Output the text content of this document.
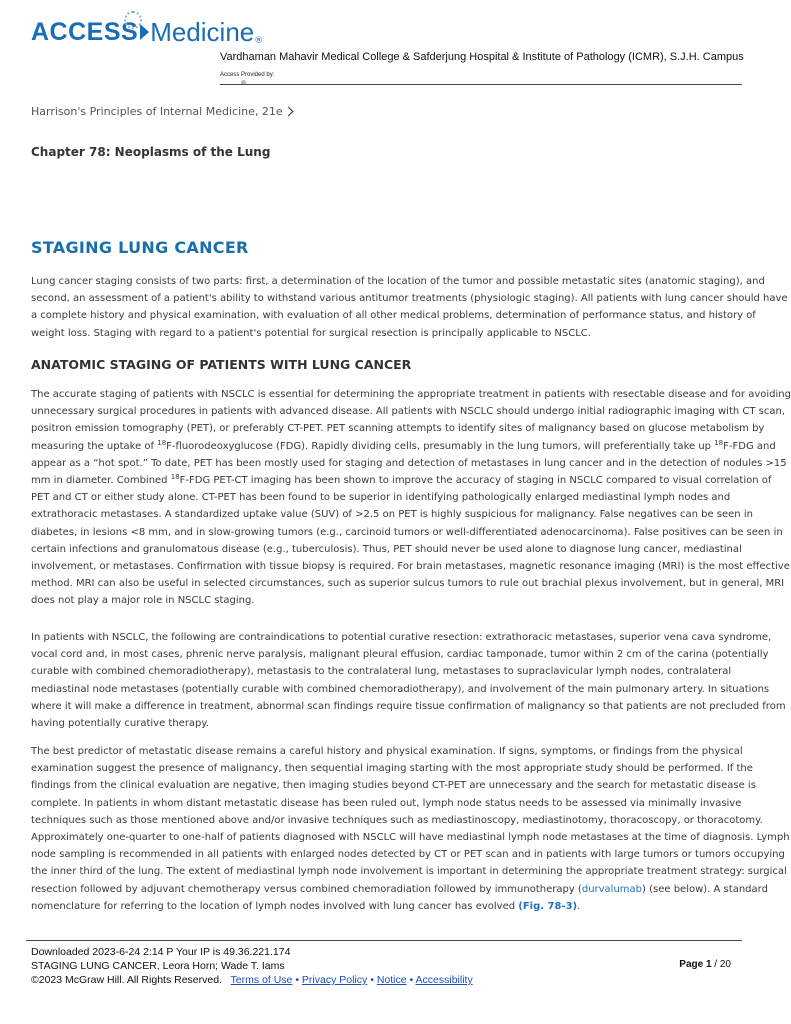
ACCESS Medicine ®
Vardhaman Mahavir Medical College & Safderjung Hospital & Institute of Pathology (ICMR), S.J.H. Campus
Access Provided by:
Harrison's Principles of Internal Medicine, 21e
Chapter 78: Neoplasms of the Lung
STAGING LUNG CANCER
Lung cancer staging consists of two parts: first, a determination of the location of the tumor and possible metastatic sites (anatomic staging), and
second, an assessment of a patient's ability to withstand various antitumor treatments (physiologic staging). All patients with lung cancer should have
a complete history and physical examination, with evaluation of all other medical problems, determination of performance status, and history of
weight loss. Staging with regard to a patient's potential for surgical resection is principally applicable to NSCLC.
ANATOMIC STAGING OF PATIENTS WITH LUNG CANCER
The accurate staging of patients with NSCLC is essential for determining the appropriate treatment in patients with resectable disease and for avoiding
unnecessary surgical procedures in patients with advanced disease. All patients with NSCLC should undergo initial radiographic imaging with CT scan,
positron emission tomography (PET), or preferably CT-PET. PET scanning attempts to identify sites of malignancy based on glucose metabolism by
measuring the uptake of $^{18}$F-fluorodeoxyglucose (FDG). Rapidly dividing cells, presumably in the lung tumors, will preferentially take up $^{18}$F-FDG and
appear as a “hot spot.” To date, PET has been mostly used for staging and detection of metastases in lung cancer and in the detection of nodules >15
mm in diameter. Combined $^{18}$F-FDG PET-CT imaging has been shown to improve the accuracy of staging in NSCLC compared to visual correlation of
PET and CT or either study alone. CT-PET has been found to be superior in identifying pathologically enlarged mediastinal lymph nodes and
extrathoracic metastases. A standardized uptake value (SUV) of >2.5 on PET is highly suspicious for malignancy. False negatives can be seen in
diabetes, in lesions <8 mm, and in slow-growing tumors (e.g., carcinoid tumors or well-differentiated adenocarcinoma). False positives can be seen in
certain infections and granulomatous disease (e.g., tuberculosis). Thus, PET should never be used alone to diagnose lung cancer, mediastinal
involvement, or metastases. Confirmation with tissue biopsy is required. For brain metastases, magnetic resonance imaging (MRI) is the most effective
method. MRI can also be useful in selected circumstances, such as superior sulcus tumors to rule out brachial plexus involvement, but in general, MRI
does not play a major role in NSCLC staging.
In patients with NSCLC, the following are contraindications to potential curative resection: extrathoracic metastases, superior vena cava syndrome,
vocal cord and, in most cases, phrenic nerve paralysis, malignant pleural effusion, cardiac tamponade, tumor within 2 cm of the carina (potentially
curable with combined chemoradiotherapy), metastasis to the contralateral lung, metastases to supraclavicular lymph nodes, contralateral
mediastinal node metastases (potentially curable with combined chemoradiotherapy), and involvement of the main pulmonary artery. In situations
where it will make a difference in treatment, abnormal scan findings require tissue confirmation of malignancy so that patients are not precluded from
having potentially curative therapy.
The best predictor of metastatic disease remains a careful history and physical examination. If signs, symptoms, or findings from the physical
examination suggest the presence of malignancy, then sequential imaging starting with the most appropriate study should be performed. If the
findings from the clinical evaluation are negative, then imaging studies beyond CT-PET are unnecessary and the search for metastatic disease is
complete. In patients in whom distant metastatic disease has been ruled out, lymph node status needs to be assessed via minimally invasive
techniques such as those mentioned above and/or invasive techniques such as mediastinoscopy, mediastinotomy, thoracoscopy, or thoracotomy.
Approximately one-quarter to one-half of patients diagnosed with NSCLC will have mediastinal lymph node metastases at the time of diagnosis. Lymph
node sampling is recommended in all patients with enlarged nodes detected by CT or PET scan and in patients with large tumors or tumors occupying
the inner third of the lung. The extent of mediastinal lymph node involvement is important in determining the appropriate treatment strategy: surgical
resection followed by adjuvant chemotherapy versus combined chemoradiation followed by immunotherapy (durvalumab) (see below). A standard
nomenclature for referring to the location of lymph nodes involved with lung cancer has evolved (Fig. 78-3).
Downloaded 2023-6-24 2:14 P Your IP is 49.36.221.174
STAGING LUNG CANCER, Leora Horn; Wade T. Iams
©2023 McGraw Hill. All Rights Reserved. Terms of Use • Privacy Policy • Notice • Accessibility
Page 1 / 20
